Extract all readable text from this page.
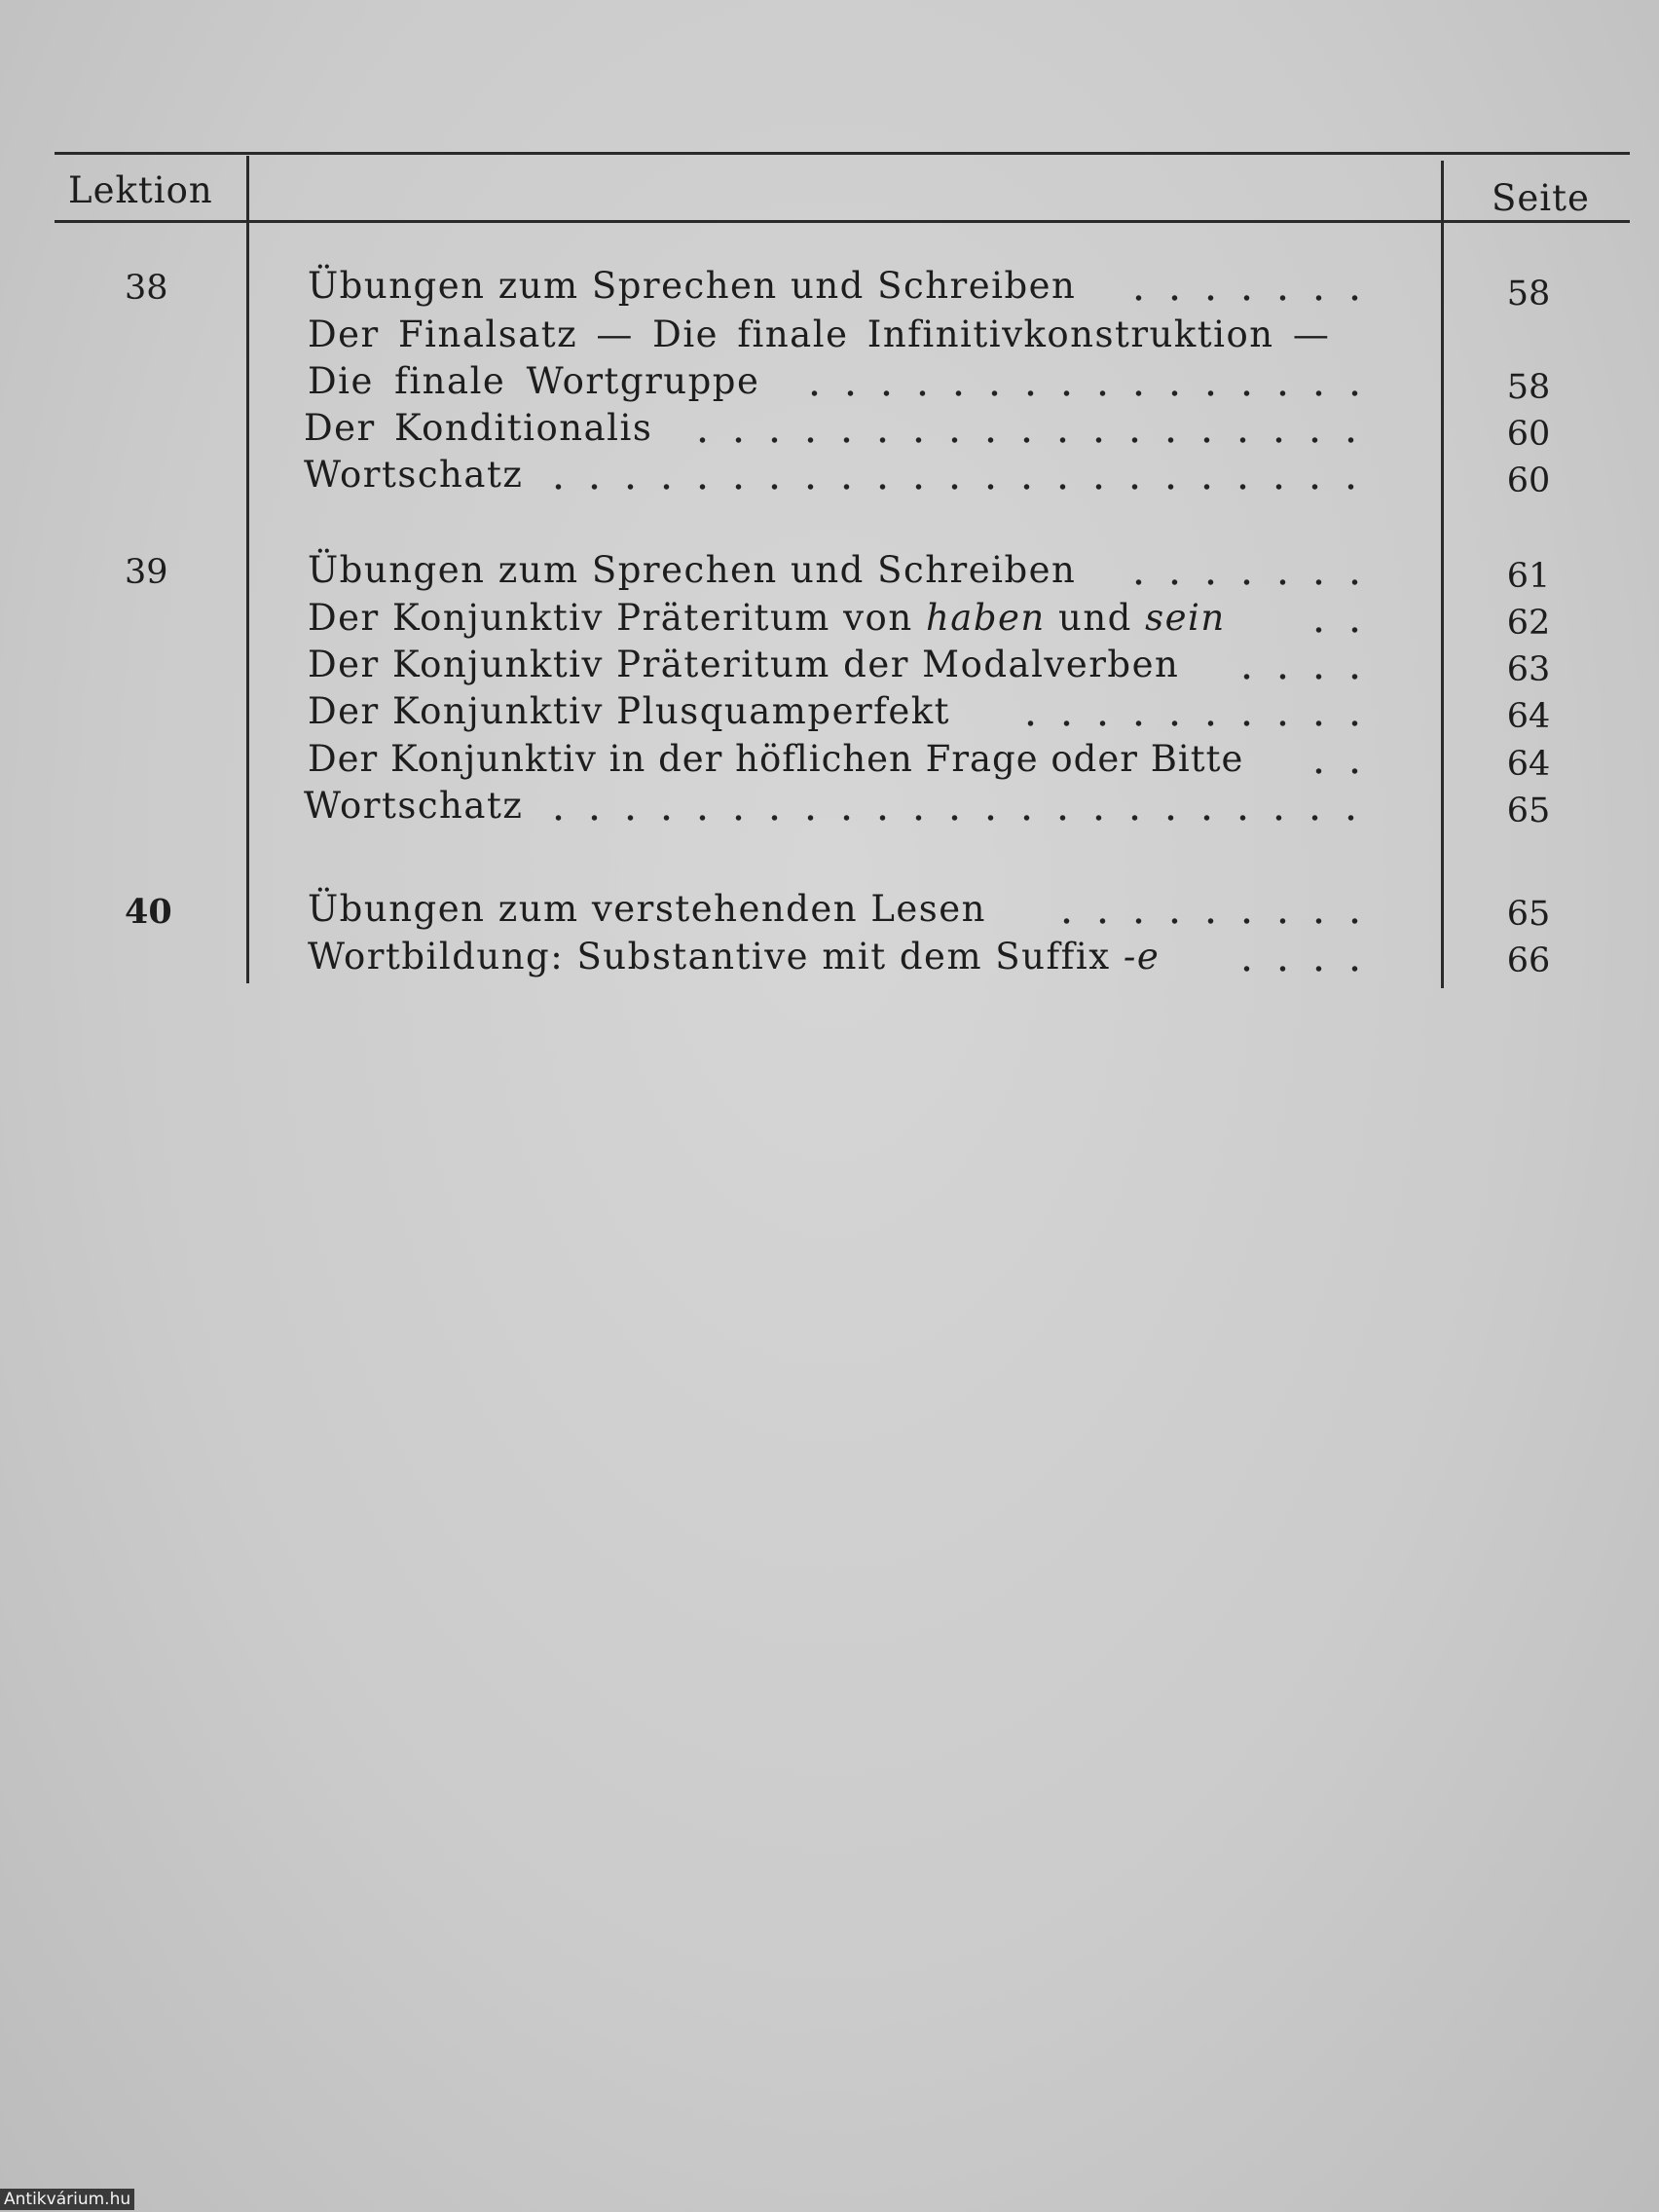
Lektion	Seite
38	Übungen zum Sprechen und Schreiben	58
Der Finalsatz — Die finale Infinitivkonstruktion —
Die finale Wortgruppe	58
Der Konditionalis	60
Wortschatz	60
39	Übungen zum Sprechen und Schreiben	61
Der Konjunktiv Präteritum von haben und sein	62
Der Konjunktiv Präteritum der Modalverben	63
Der Konjunktiv Plusquamperfekt	64
Der Konjunktiv in der höflichen Frage oder Bitte	64
Wortschatz	65
40	Übungen zum verstehenden Lesen	65
Wortbildung: Substantive mit dem Suffix -e	66
Antikvárium.hu
